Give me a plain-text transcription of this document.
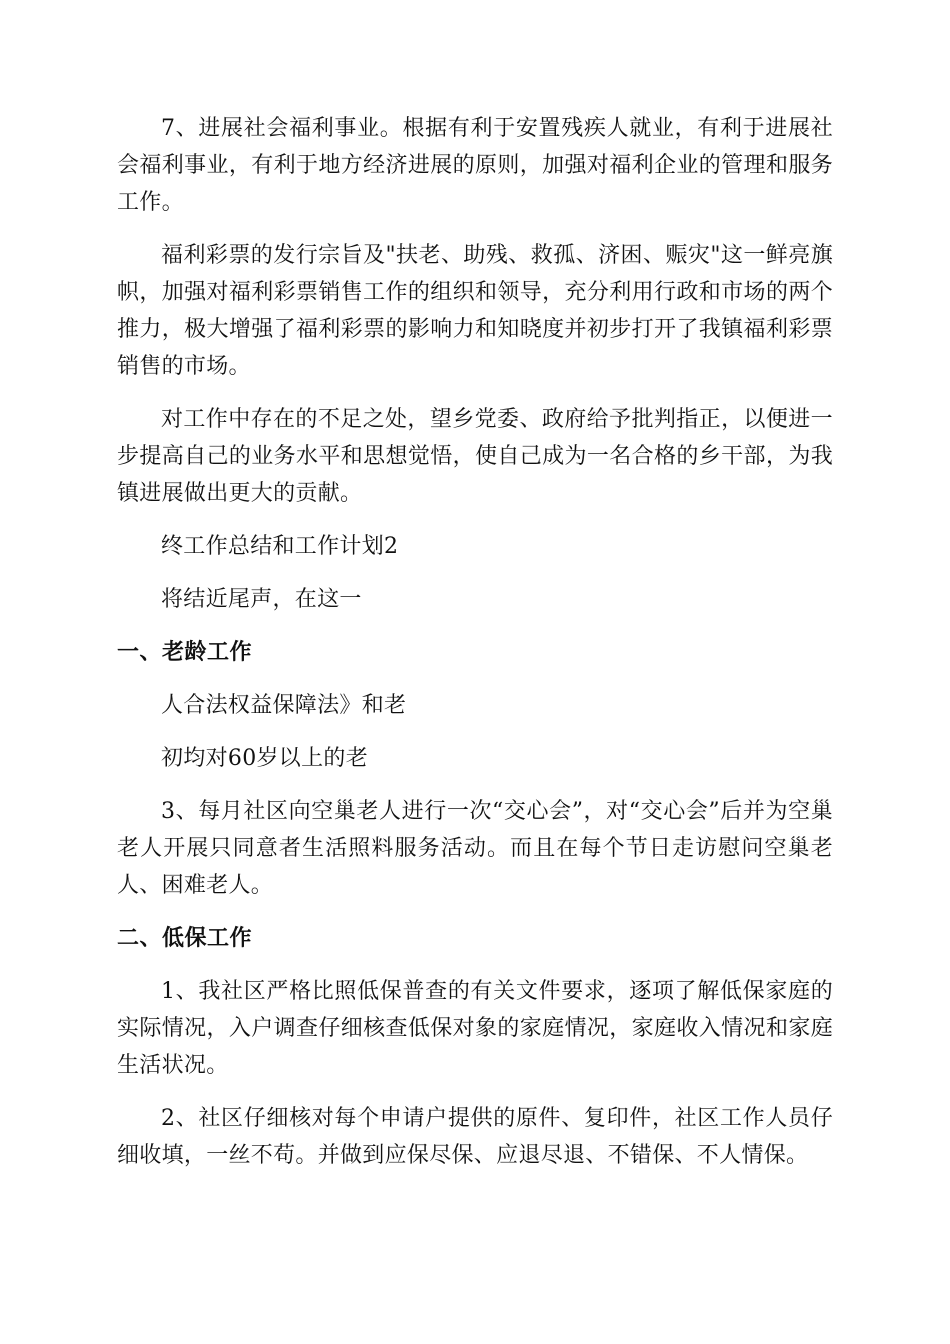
7、进展社会福利事业。根据有利于安置残疾人就业，有利于进展社会福利事业，有利于地方经济进展的原则，加强对福利企业的管理和服务工作。

福利彩票的发行宗旨及"扶老、助残、救孤、济困、赈灾"这一鲜亮旗帜，加强对福利彩票销售工作的组织和领导，充分利用行政和市场的两个推力，极大增强了福利彩票的影响力和知晓度并初步打开了我镇福利彩票销售的市场。

对工作中存在的不足之处，望乡党委、政府给予批判指正，以便进一步提高自己的业务水平和思想觉悟，使自己成为一名合格的乡干部，为我镇进展做出更大的贡献。

终工作总结和工作计划2

将结近尾声，在这一

一、老龄工作

人合法权益保障法》和老

初均对60岁以上的老

3、每月社区向空巢老人进行一次“交心会”，对“交心会”后并为空巢老人开展只同意者生活照料服务活动。而且在每个节日走访慰问空巢老人、困难老人。

二、低保工作

1、我社区严格比照低保普查的有关文件要求，逐项了解低保家庭的实际情况，入户调查仔细核查低保对象的家庭情况，家庭收入情况和家庭生活状况。

2、社区仔细核对每个申请户提供的原件、复印件，社区工作人员仔细收填，一丝不苟。并做到应保尽保、应退尽退、不错保、不人情保。
